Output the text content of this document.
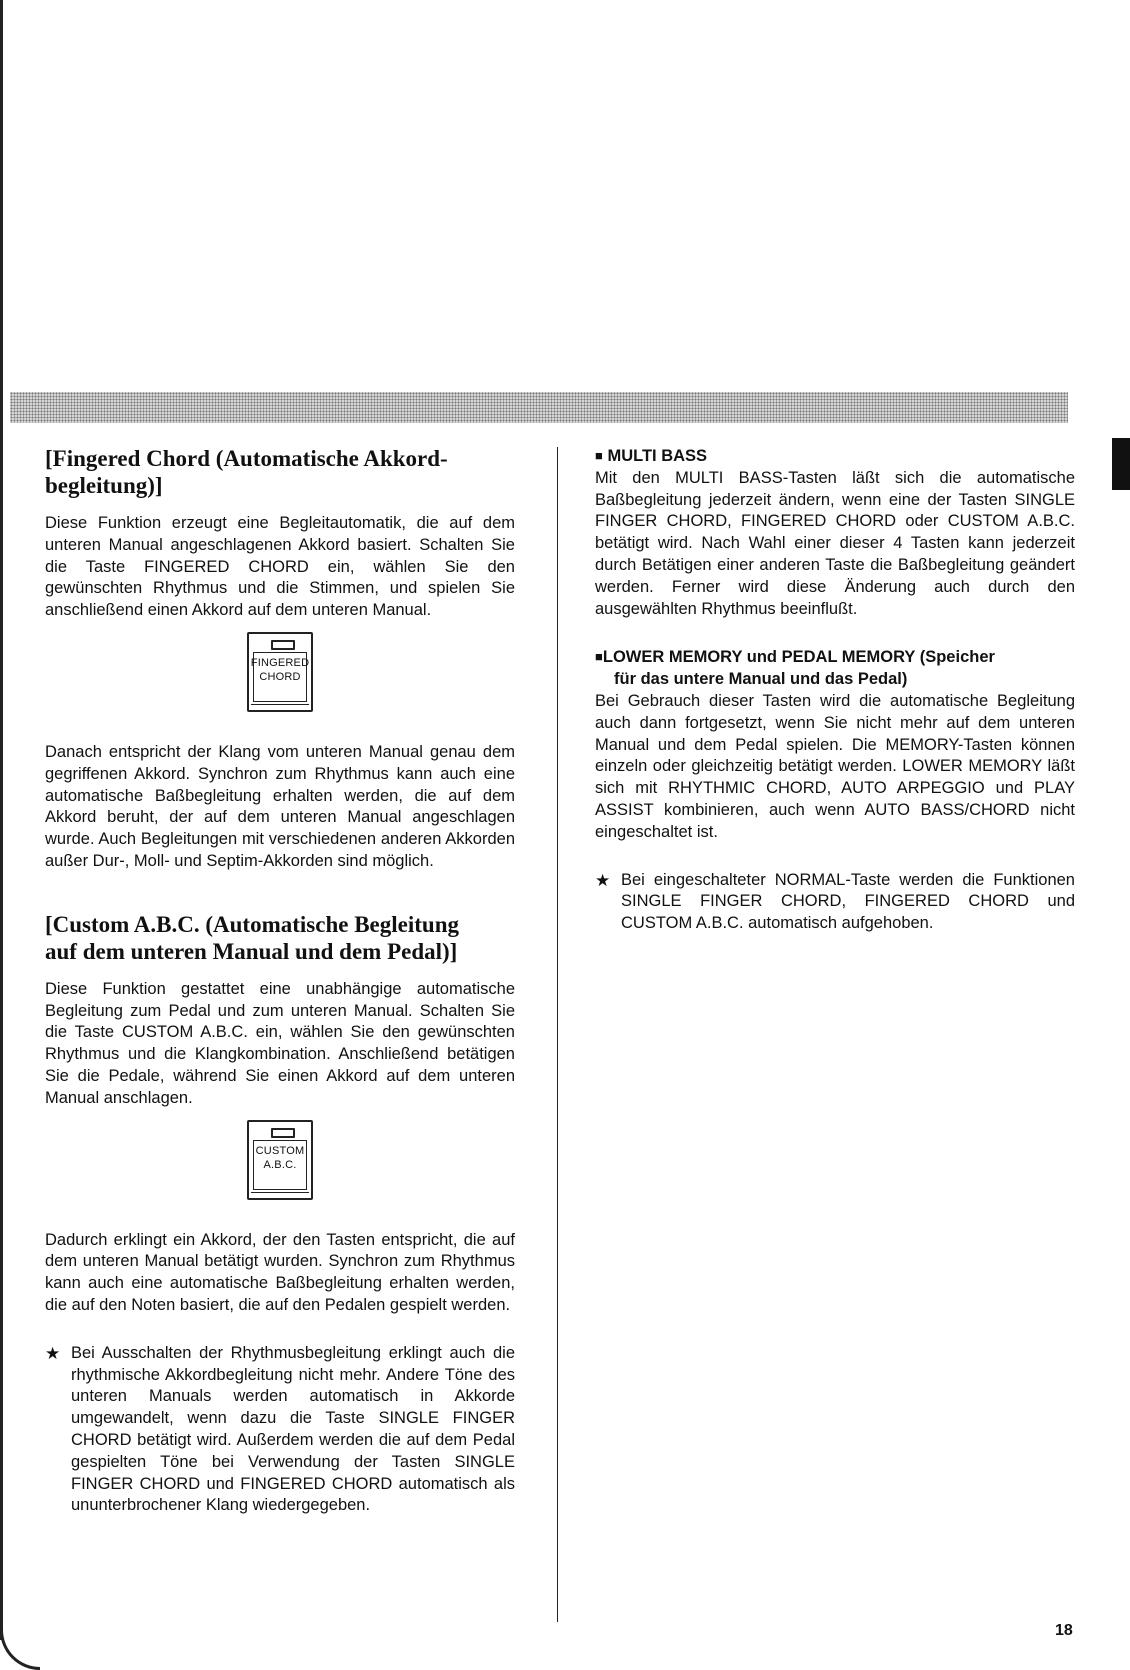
[Fingered Chord (Automatische Akkord-
begleitung)]

Diese Funktion erzeugt eine Begleitautomatik, die auf dem unteren Manual angeschlagenen Akkord basiert. Schalten Sie die Taste FINGERED CHORD ein, wählen Sie den gewünschten Rhythmus und die Stimmen, und spielen Sie anschließend einen Akkord auf dem unteren Manual.

FINGERED
CHORD

Danach entspricht der Klang vom unteren Manual genau dem gegriffenen Akkord. Synchron zum Rhythmus kann auch eine automatische Baßbegleitung erhalten werden, die auf dem Akkord beruht, der auf dem unteren Manual angeschlagen wurde. Auch Begleitungen mit verschiedenen anderen Akkorden außer Dur-, Moll- und Septim-Akkorden sind möglich.

[Custom A.B.C. (Automatische Begleitung
auf dem unteren Manual und dem Pedal)]

Diese Funktion gestattet eine unabhängige automatische Begleitung zum Pedal und zum unteren Manual. Schalten Sie die Taste CUSTOM A.B.C. ein, wählen Sie den gewünschten Rhythmus und die Klangkombination. Anschließend betätigen Sie die Pedale, während Sie einen Akkord auf dem unteren Manual anschlagen.

CUSTOM
A.B.C.

Dadurch erklingt ein Akkord, der den Tasten entspricht, die auf dem unteren Manual betätigt wurden. Synchron zum Rhythmus kann auch eine automatische Baßbegleitung erhalten werden, die auf den Noten basiert, die auf den Pedalen gespielt werden.

★ Bei Ausschalten der Rhythmusbegleitung erklingt auch die rhythmische Akkordbegleitung nicht mehr. Andere Töne des unteren Manuals werden automatisch in Akkorde umgewandelt, wenn dazu die Taste SINGLE FINGER CHORD betätigt wird. Außerdem werden die auf dem Pedal gespielten Töne bei Verwendung der Tasten SINGLE FINGER CHORD und FINGERED CHORD automatisch als ununterbrochener Klang wiedergegeben.

■ MULTI BASS

Mit den MULTI BASS-Tasten läßt sich die automatische Baßbegleitung jederzeit ändern, wenn eine der Tasten SINGLE FINGER CHORD, FINGERED CHORD oder CUSTOM A.B.C. betätigt wird. Nach Wahl einer dieser 4 Tasten kann jederzeit durch Betätigen einer anderen Taste die Baßbegleitung geändert werden. Ferner wird diese Änderung auch durch den ausgewählten Rhythmus beeinflußt.

■LOWER MEMORY und PEDAL MEMORY (Speicher
für das untere Manual und das Pedal)

Bei Gebrauch dieser Tasten wird die automatische Begleitung auch dann fortgesetzt, wenn Sie nicht mehr auf dem unteren Manual und dem Pedal spielen. Die MEMORY-Tasten können einzeln oder gleichzeitig betätigt werden. LOWER MEMORY läßt sich mit RHYTHMIC CHORD, AUTO ARPEGGIO und PLAY ASSIST kombinieren, auch wenn AUTO BASS/CHORD nicht eingeschaltet ist.

★ Bei eingeschalteter NORMAL-Taste werden die Funktionen SINGLE FINGER CHORD, FINGERED CHORD und CUSTOM A.B.C. automatisch aufgehoben.

18
